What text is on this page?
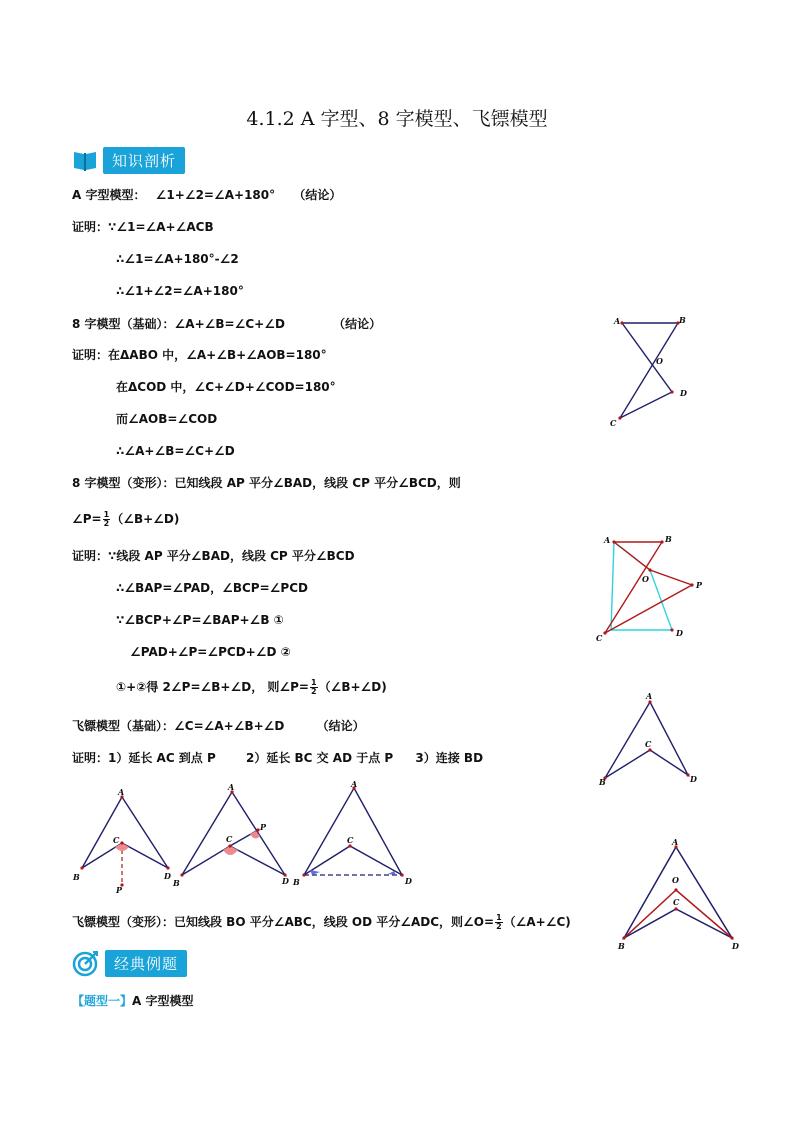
4.1.2 A 字型、8 字模型、飞镖模型
知识剖析
A 字型模型： ∠1+∠2=∠A+180° （结论）
证明：∵∠1=∠A+∠ACB
∴∠1=∠A+180°-∠2
∴∠1+∠2=∠A+180°
8 字模型（基础）：∠A+∠B=∠C+∠D	（结论）
证明：在ΔABO 中，∠A+∠B+∠AOB=180°
在ΔCOD 中，∠C+∠D+∠COD=180°
而∠AOB=∠COD
∴∠A+∠B=∠C+∠D
8 字模型（变形）：已知线段 AP 平分∠BAD，线段 CP 平分∠BCD，则
∠P= $\frac{1}{2}$ （∠B+∠D)
证明：∵线段 AP 平分∠BAD，线段 CP 平分∠BCD
∴∠BAP=∠PAD，∠BCP=∠PCD
∵∠BCP+∠P=∠BAP+∠B ①
∠PAD+∠P=∠PCD+∠D ②
①+②得 2∠P=∠B+∠D， 则∠P= $\frac{1}{2}$ （∠B+∠D)
飞镖模型（基础）：∠C=∠A+∠B+∠D	（结论）
证明：1）延长 AC 到点 P	2）延长 BC 交 AD 于点 P 3）连接 BD
飞镖模型（变形）：已知线段 BO 平分∠ABC，线段 OD 平分∠ADC，则∠O= $\frac{1}{2}$ （∠A+∠C)
经典例题
【题型一】A 字型模型
A	B
O
C
D
A	B
O
P
C	D
A
C
B	D
A
C
B	D
P
A
C
P
B	D
A
C
B	D
A
O
C
B	D
